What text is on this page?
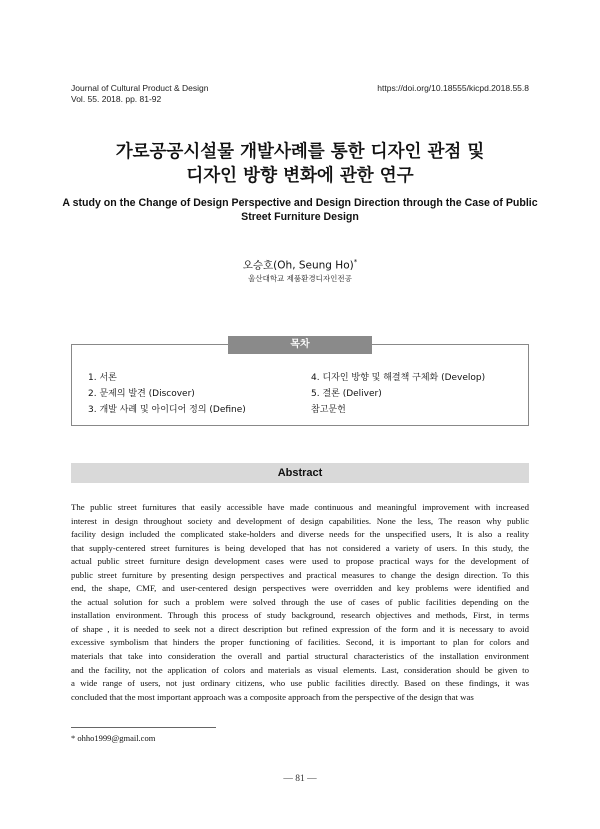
Journal of Cultural Product & Design
Vol. 55. 2018. pp. 81-92
https://doi.org/10.18555/kicpd.2018.55.8
가로공공시설물 개발사례를 통한 디자인 관점 및
디자인 방향 변화에 관한 연구
A study on the Change of Design Perspective and Design Direction through the Case of Public
Street Furniture Design
오승호(Oh, Seung Ho)*
울산대학교 제품환경디자인전공
목차
1. 서론
2. 문제의 발견 (Discover)
3. 개발 사례 및 아이디어 정의 (Define)
4. 디자인 방향 및 해결책 구체화 (Develop)
5. 결론 (Deliver)
참고문헌
Abstract
The public street furnitures that easily accessible have made continuous and meaningful improvement with increased
interest in design throughout society and development of design capabilities. None the less, The reason why public
facility design included the complicated stake-holders and diverse needs for the unspecified users, It is also a reality
that supply-centered street furnitures is being developed that has not considered a variety of users. In this study, the
actual public street furniture design development cases were used to propose practical ways for the development of
public street furniture by presenting design perspectives and practical measures to change the design direction. To this
end, the shape, CMF, and user-centered design perspectives were overridden and key problems were identified and
the actual solution for such a problem were solved through the use of cases of public facilities depending on the
installation environment. Through this process of study background, research objectives and methods, First, in terms
of shape , it is needed to seek not a direct description but refined expression of the form and it is necessary to avoid
excessive symbolism that hinders the proper functioning of facilities. Second, it is important to plan for colors and
materials that take into consideration the overall and partial structural characteristics of the installation environment
and the facility, not the application of colors and materials as visual elements. Last, consideration should be given to
a wide range of users, not just ordinary citizens, who use public facilities directly. Based on these findings, it was
concluded that the most important approach was a composite approach from the perspective of the design that was
* ohho1999@gmail.com
— 81 —
